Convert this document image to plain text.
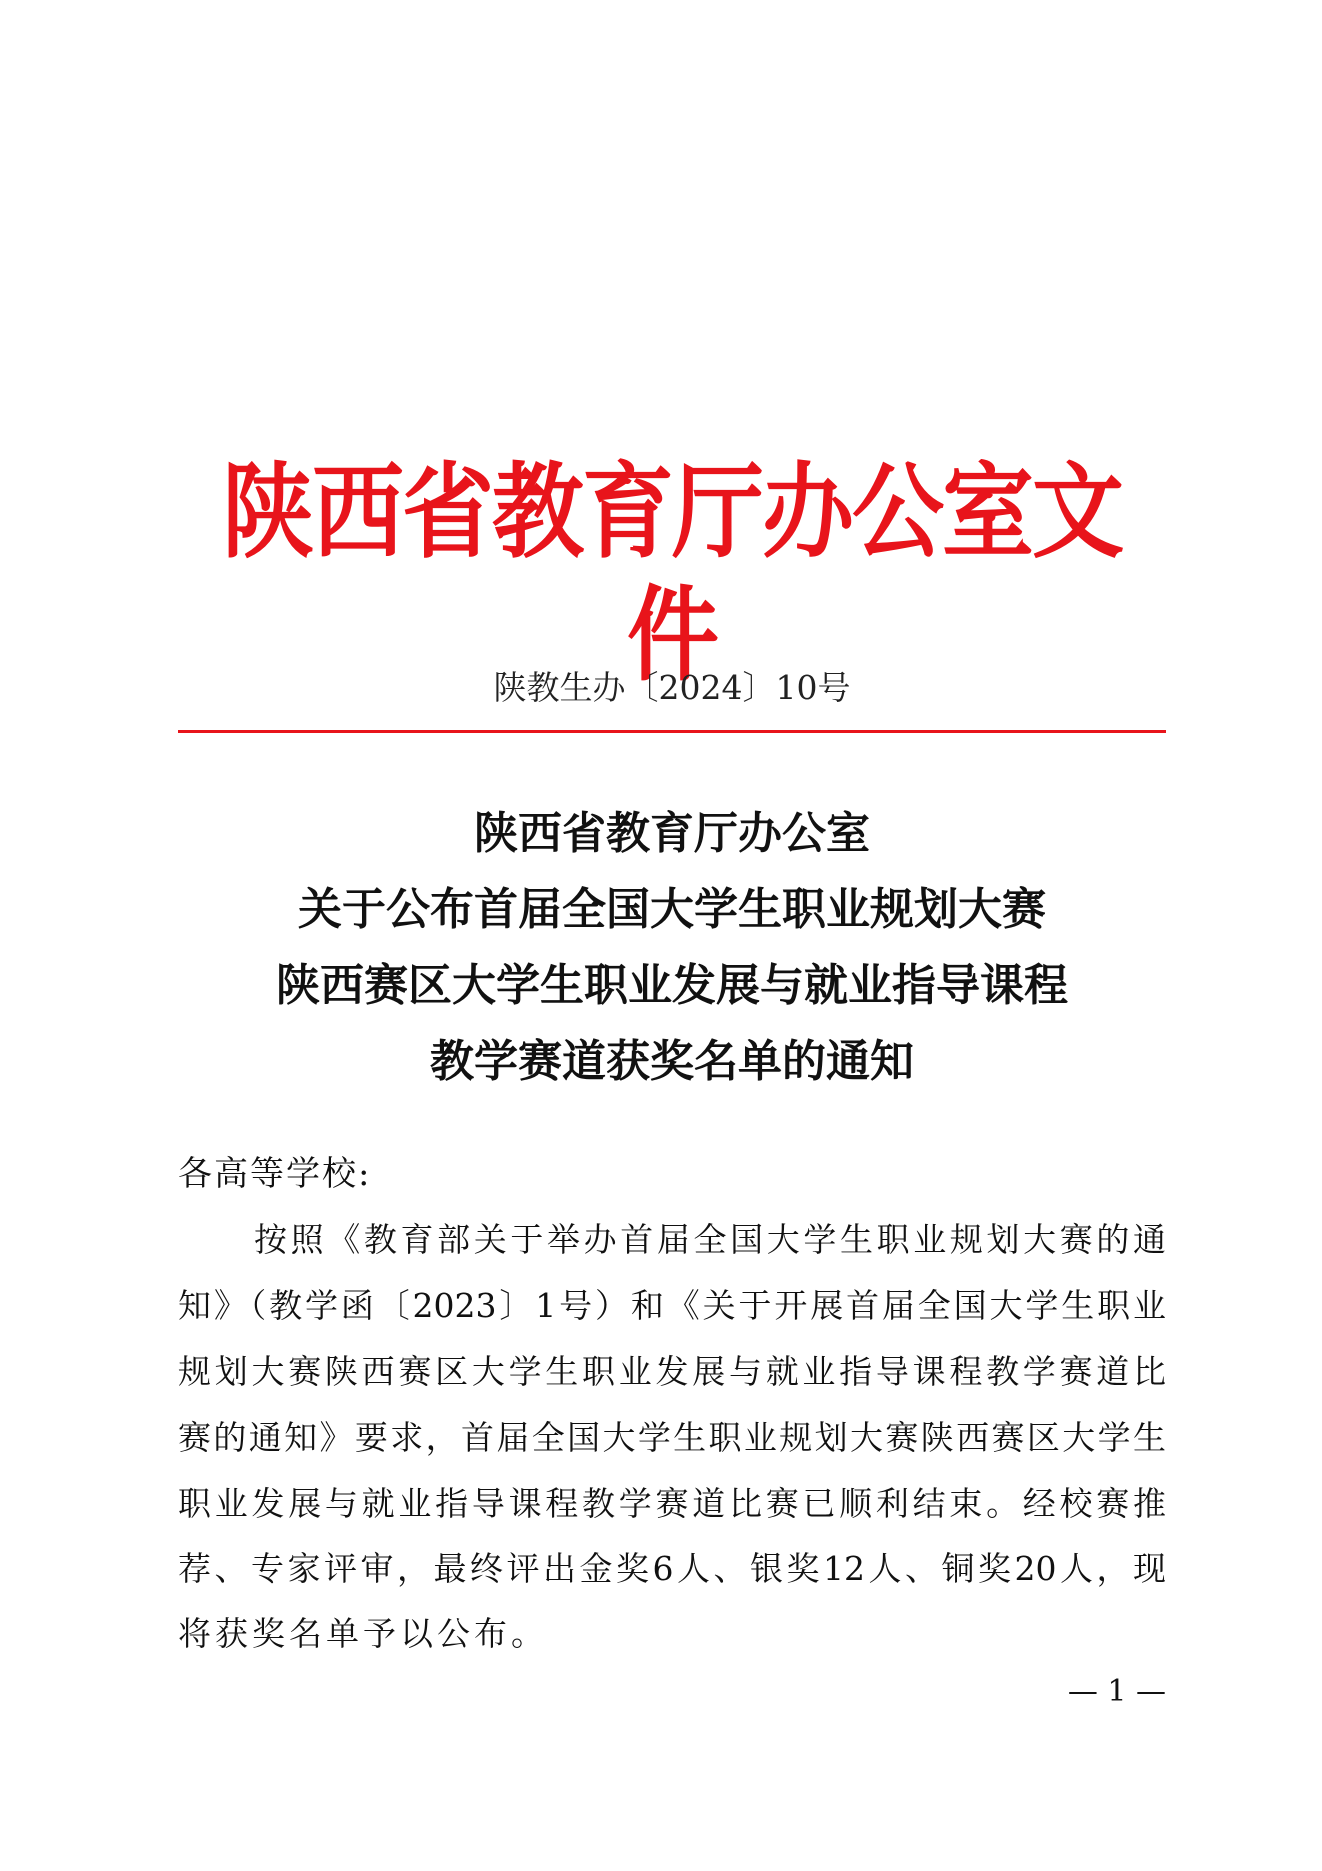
陕西省教育厅办公室文件
陕教生办〔2024〕10号
陕西省教育厅办公室
关于公布首届全国大学生职业规划大赛
陕西赛区大学生职业发展与就业指导课程
教学赛道获奖名单的通知
各高等学校:
按照《教育部关于举办首届全国大学生职业规划大赛的通
知》（教学函〔2023〕1号）和《关于开展首届全国大学生职业
规划大赛陕西赛区大学生职业发展与就业指导课程教学赛道比
赛的通知》要求，首届全国大学生职业规划大赛陕西赛区大学生
职业发展与就业指导课程教学赛道比赛已顺利结束。经校赛推
荐、专家评审，最终评出金奖6人、银奖12人、铜奖20人，现
将获奖名单予以公布。
— 1 —
